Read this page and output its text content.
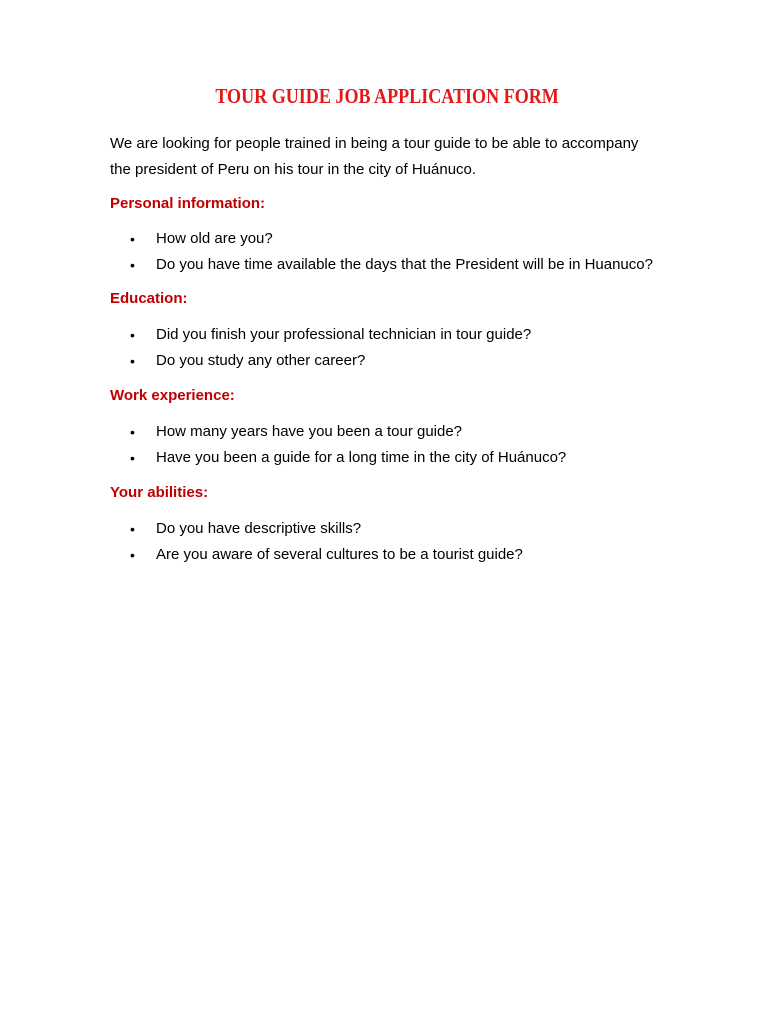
TOUR GUIDE JOB APPLICATION FORM

We are looking for people trained in being a tour guide to be able to accompany
the president of Peru on his tour in the city of Huánuco.

Personal information:
• How old are you?
• Do you have time available the days that the President will be in Huanuco?
Education:
• Did you finish your professional technician in tour guide?
• Do you study any other career?
Work experience:
• How many years have you been a tour guide?
• Have you been a guide for a long time in the city of Huánuco?
Your abilities:
• Do you have descriptive skills?
• Are you aware of several cultures to be a tourist guide?
